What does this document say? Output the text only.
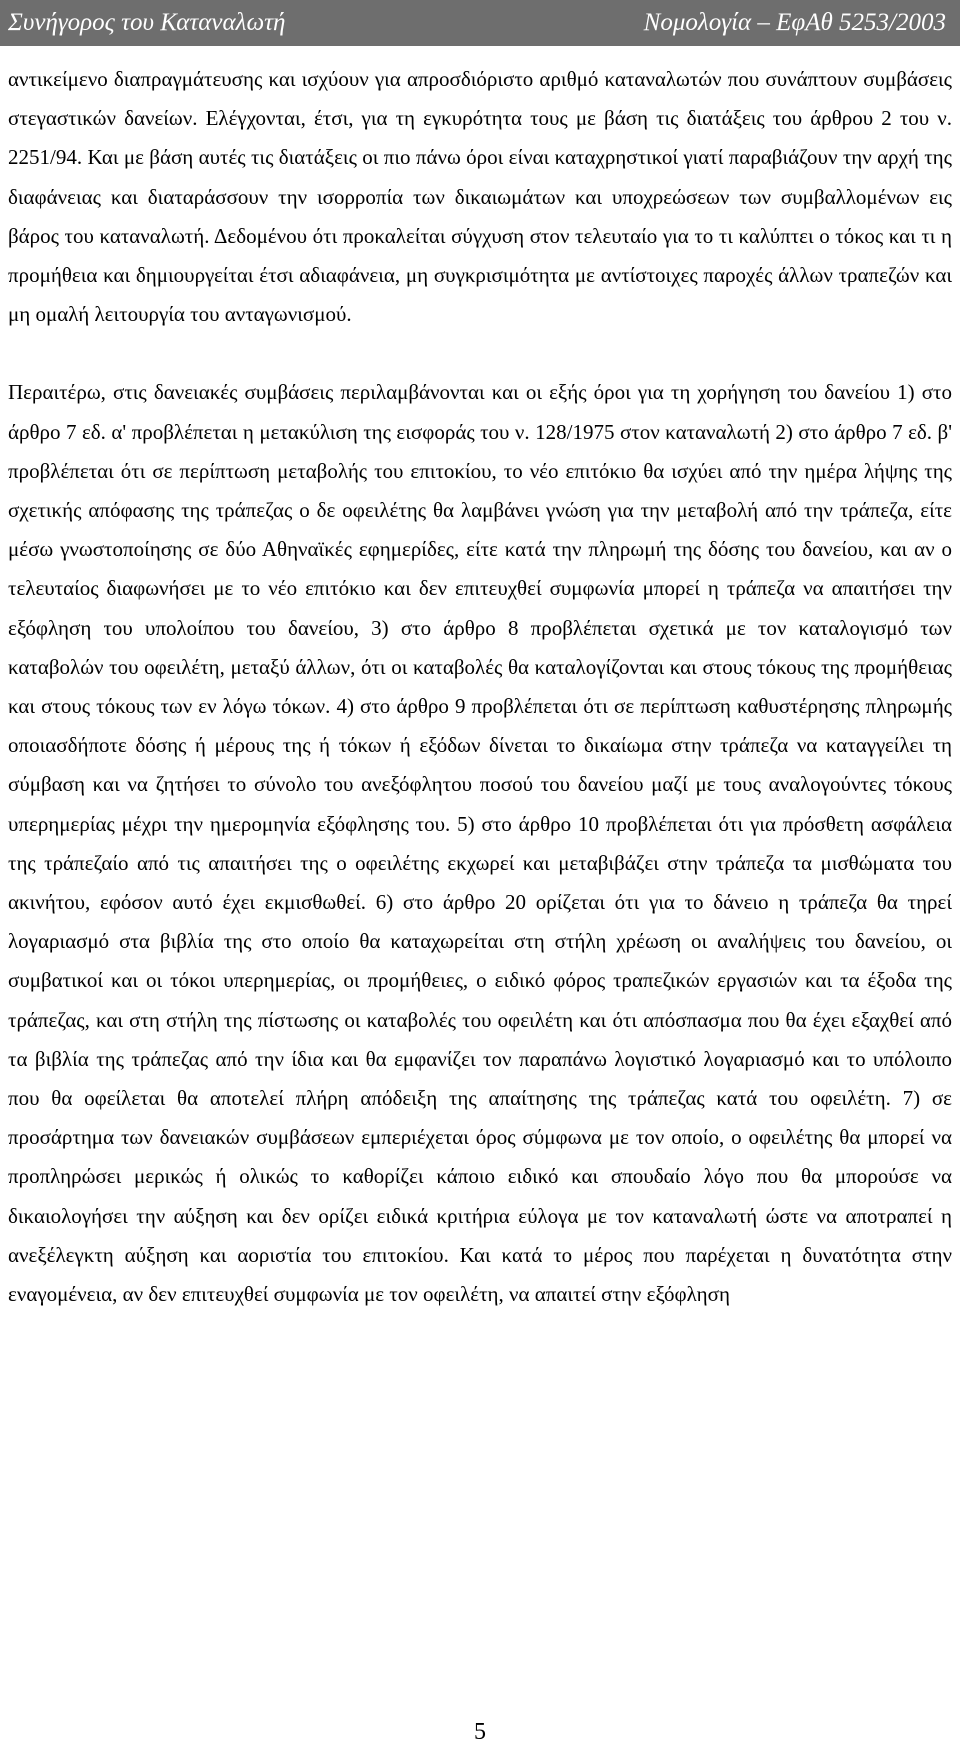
Συνήγορος του Καταναλωτή	Νομολογία – ΕφΑθ 5253/2003

αντικείμενο διαπραγμάτευσης και ισχύουν για απροσδιόριστο αριθμό καταναλωτών που συνάπτουν συμβάσεις στεγαστικών δανείων. Ελέγχονται, έτσι, για τη εγκυρότητα τους με βάση τις διατάξεις του άρθρου 2 του ν. 2251/94. Και με βάση αυτές τις διατάξεις οι πιο πάνω όροι είναι καταχρηστικοί γιατί παραβιάζουν την αρχή της διαφάνειας και διαταράσσουν την ισορροπία των δικαιωμάτων και υποχρεώσεων των συμβαλλομένων εις βάρος του καταναλωτή. Δεδομένου ότι προκαλείται σύγχυση στον τελευταίο για το τι καλύπτει ο τόκος και τι η προμήθεια και δημιουργείται έτσι αδιαφάνεια, μη συγκρισιμότητα με αντίστοιχες παροχές άλλων τραπεζών και μη ομαλή λειτουργία του ανταγωνισμού.

Περαιτέρω, στις δανειακές συμβάσεις περιλαμβάνονται και οι εξής όροι για τη χορήγηση του δανείου 1) στο άρθρο 7 εδ. α' προβλέπεται η μετακύλιση της εισφοράς του ν. 128/1975 στον καταναλωτή 2) στο άρθρο 7 εδ. β' προβλέπεται ότι σε περίπτωση μεταβολής του επιτοκίου, το νέο επιτόκιο θα ισχύει από την ημέρα λήψης της σχετικής απόφασης της τράπεζας ο δε οφειλέτης θα λαμβάνει γνώση για την μεταβολή από την τράπεζα, είτε μέσω γνωστοποίησης σε δύο Αθηναϊκές εφημερίδες, είτε κατά την πληρωμή της δόσης του δανείου, και αν ο τελευταίος διαφωνήσει με το νέο επιτόκιο και δεν επιτευχθεί συμφωνία μπορεί η τράπεζα να απαιτήσει την εξόφληση του υπολοίπου του δανείου, 3) στο άρθρο 8 προβλέπεται σχετικά με τον καταλογισμό των καταβολών του οφειλέτη, μεταξύ άλλων, ότι οι καταβολές θα καταλογίζονται και στους τόκους της προμήθειας και στους τόκους των εν λόγω τόκων. 4) στο άρθρο 9 προβλέπεται ότι σε περίπτωση καθυστέρησης πληρωμής οποιασδήποτε δόσης ή μέρους της ή τόκων ή εξόδων δίνεται το δικαίωμα στην τράπεζα να καταγγείλει τη σύμβαση και να ζητήσει το σύνολο του ανεξόφλητου ποσού του δανείου μαζί με τους αναλογούντες τόκους υπερημερίας μέχρι την ημερομηνία εξόφλησης του. 5) στο άρθρο 10 προβλέπεται ότι για πρόσθετη ασφάλεια της τράπεζαίο από τις απαιτήσει της ο οφειλέτης εκχωρεί και μεταβιβάζει στην τράπεζα τα μισθώματα του ακινήτου, εφόσον αυτό έχει εκμισθωθεί. 6) στο άρθρο 20 ορίζεται ότι για το δάνειο η τράπεζα θα τηρεί λογαριασμό στα βιβλία της στο οποίο θα καταχωρείται στη στήλη χρέωση οι αναλήψεις του δανείου, οι συμβατικοί και οι τόκοι υπερημερίας, οι προμήθειες, ο ειδικό φόρος τραπεζικών εργασιών και τα έξοδα της τράπεζας, και στη στήλη της πίστωσης οι καταβολές του οφειλέτη και ότι απόσπασμα που θα έχει εξαχθεί από τα βιβλία της τράπεζας από την ίδια και θα εμφανίζει τον παραπάνω λογιστικό λογαριασμό και το υπόλοιπο που θα οφείλεται θα αποτελεί πλήρη απόδειξη της απαίτησης της τράπεζας κατά του οφειλέτη. 7) σε προσάρτημα των δανειακών συμβάσεων εμπεριέχεται όρος σύμφωνα με τον οποίο, ο οφειλέτης θα μπορεί να προπληρώσει μερικώς ή ολικώς το καθορίζει κάποιο ειδικό και σπουδαίο λόγο που θα μπορούσε να δικαιολογήσει την αύξηση και δεν ορίζει ειδικά κριτήρια εύλογα με τον καταναλωτή ώστε να αποτραπεί η ανεξέλεγκτη αύξηση και αοριστία του επιτοκίου. Και κατά το μέρος που παρέχεται η δυνατότητα στην εναγομένεια, αν δεν επιτευχθεί συμφωνία με τον οφειλέτη, να απαιτεί στην εξόφληση

5
